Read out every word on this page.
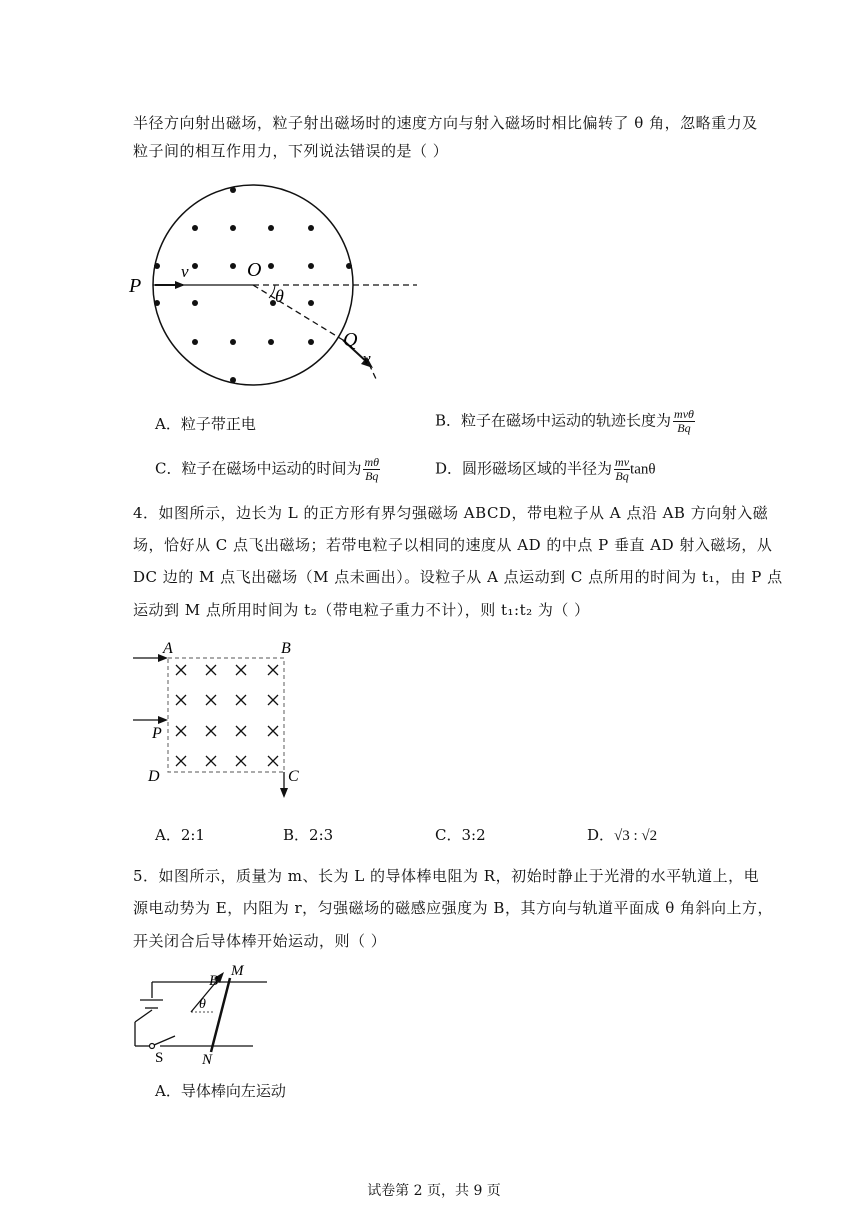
半径方向射出磁场，粒子射出磁场时的速度方向与射入磁场时相比偏转了 θ 角，忽略重力及
粒子间的相互作用力，下列说法错误的是（ ）
P
v	O
θ
Q
v
A．粒子带正电	B．粒子在磁场中运动的轨迹长度为 $\frac{\text{mvθ}}{Bq}$
C．粒子在磁场中运动的时间为 $\frac{m\theta}{Bq}$	D．圆形磁场区域的半径为 $\frac{mv}{Bq}$ tanθ
4．如图所示，边长为 L 的正方形有界匀强磁场 ABCD，带电粒子从 A 点沿 AB 方向射入磁
场，恰好从 C 点飞出磁场；若带电粒子以相同的速度从 AD 的中点 P 垂直 AD 射入磁场，从
DC 边的 M 点飞出磁场（M 点未画出）。设粒子从 A 点运动到 C 点所用的时间为 t₁，由 P 点
运动到 M 点所用时间为 t₂（带电粒子重力不计），则 t₁:t₂ 为（ ）
A	B
P
D	C
A．2:1	B．2:3	C．3:2	D．√3 : √2
5．如图所示，质量为 m、长为 L 的导体棒电阻为 R，初始时静止于光滑的水平轨道上，电
源电动势为 E，内阻为 r，匀强磁场的磁感应强度为 B，其方向与轨道平面成 θ 角斜向上方，
开关闭合后导体棒开始运动，则（ ）
B
M
θ
S	N
A．导体棒向左运动
试卷第 2 页，共 9 页
